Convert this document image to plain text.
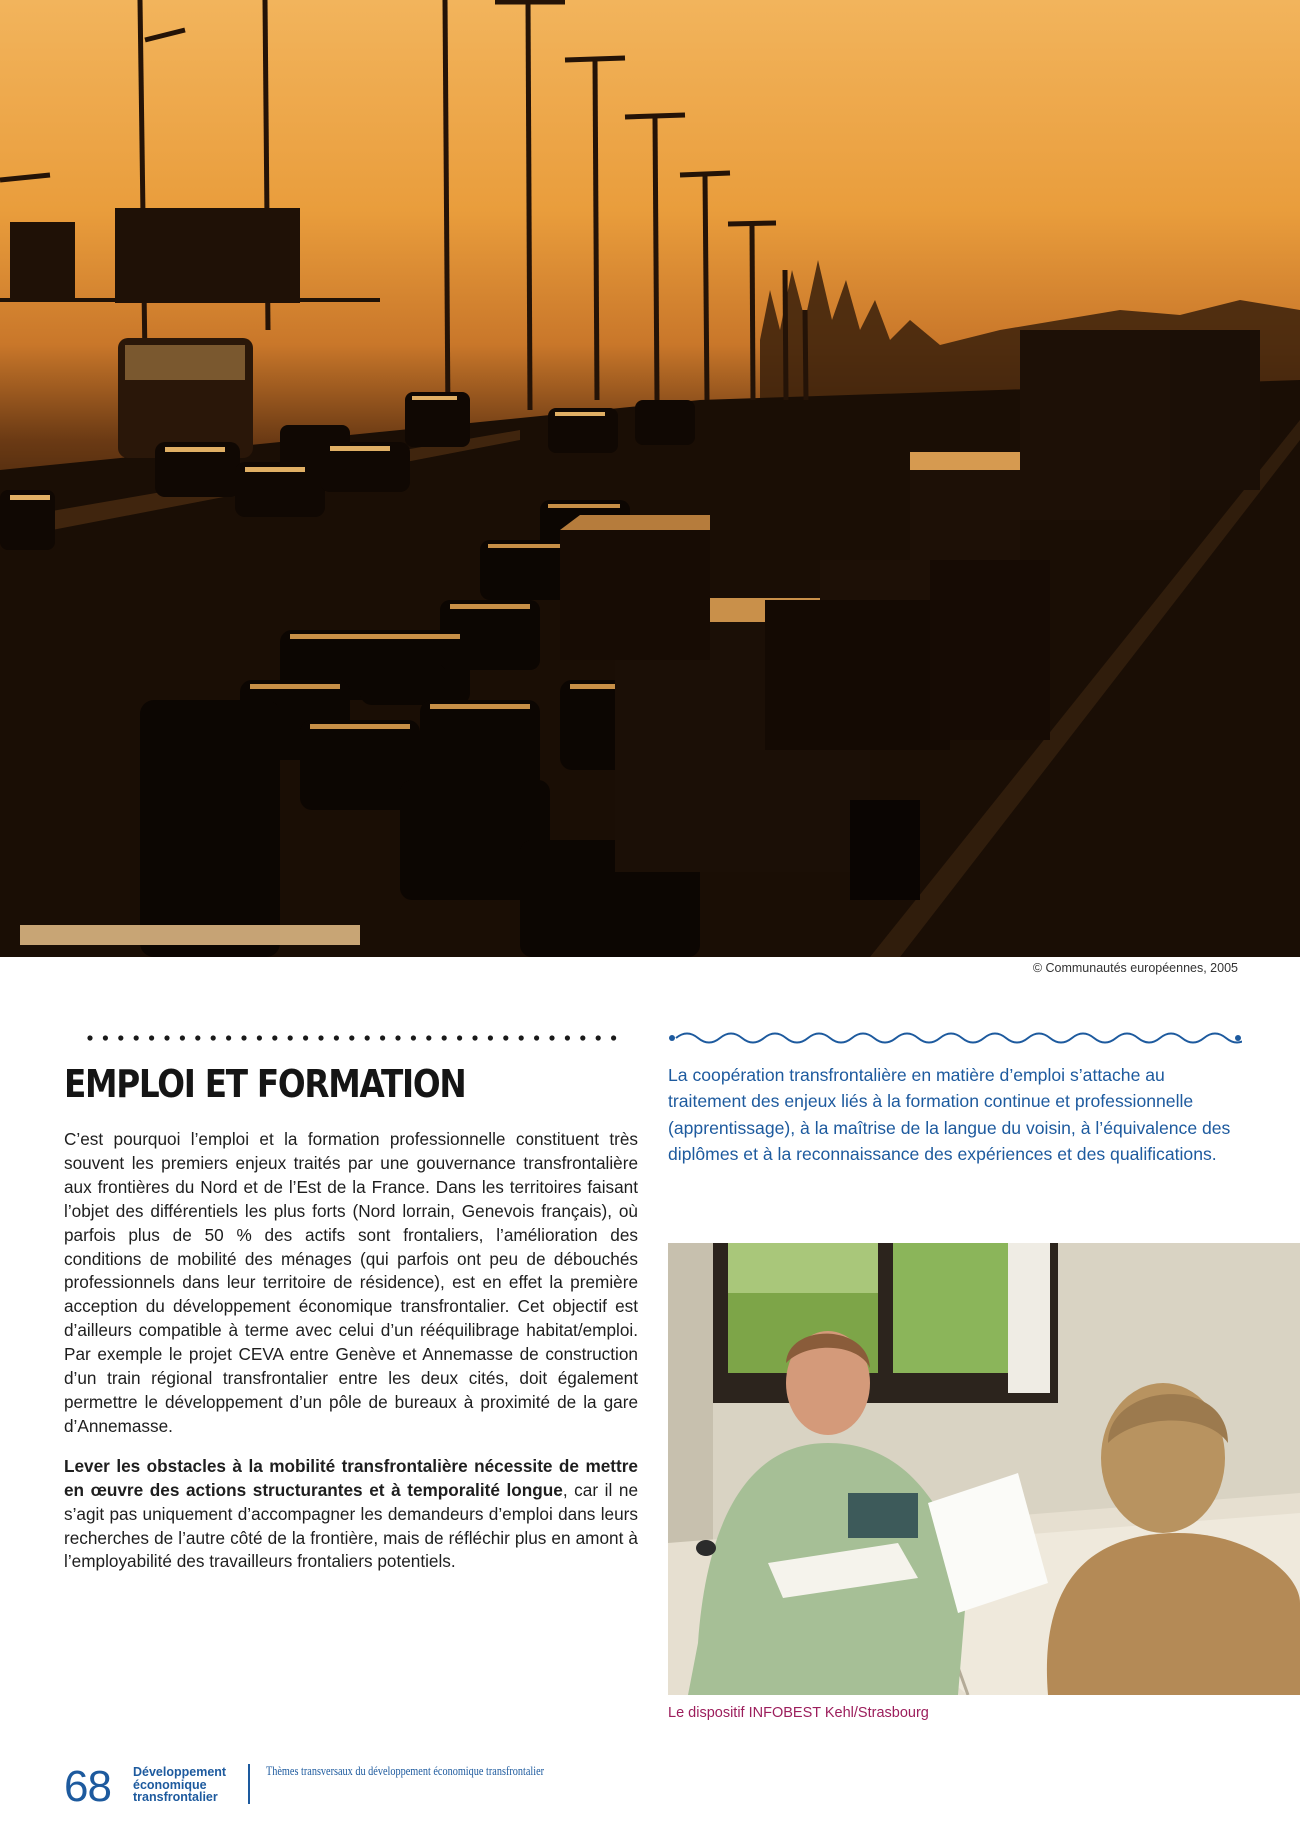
© Communautés européennes, 2005
EMPLOI ET FORMATION

C’est pourquoi l’emploi et la formation professionnelle constituent très souvent les premiers enjeux traités par une gouvernance transfrontalière aux frontières du Nord et de l’Est de la France. Dans les territoires faisant l’objet des différentiels les plus forts (Nord lorrain, Genevois français), où parfois plus de 50 % des actifs sont frontaliers, l’amélioration des conditions de mobilité des ménages (qui parfois ont peu de débouchés professionnels dans leur territoire de résidence), est en effet la première acception du développement économique transfrontalier. Cet objectif est d’ailleurs compatible à terme avec celui d’un rééquilibrage habitat/emploi. Par exemple le projet CEVA entre Genève et Annemasse de construction d’un train régional transfrontalier entre les deux cités, doit également permettre le développement d’un pôle de bureaux à proximité de la gare d’Annemasse.

Lever les obstacles à la mobilité transfrontalière nécessite de mettre en œuvre des actions structurantes et à temporalité longue, car il ne s’agit pas uniquement d’accompagner les demandeurs d’emploi dans leurs recherches de l’autre côté de la frontière, mais de réfléchir plus en amont à l’employabilité des travailleurs frontaliers potentiels.

La coopération transfrontalière en matière d’emploi s’attache au traitement des enjeux liés à la formation continue et professionnelle (apprentissage), à la maîtrise de la langue du voisin, à l’équivalence des diplômes et à la reconnaissance des expériences et des qualifications.
Le dispositif INFOBEST Kehl/Strasbourg
68 Développement
économique
transfrontalier
Thèmes transversaux du développement économique transfrontalier
